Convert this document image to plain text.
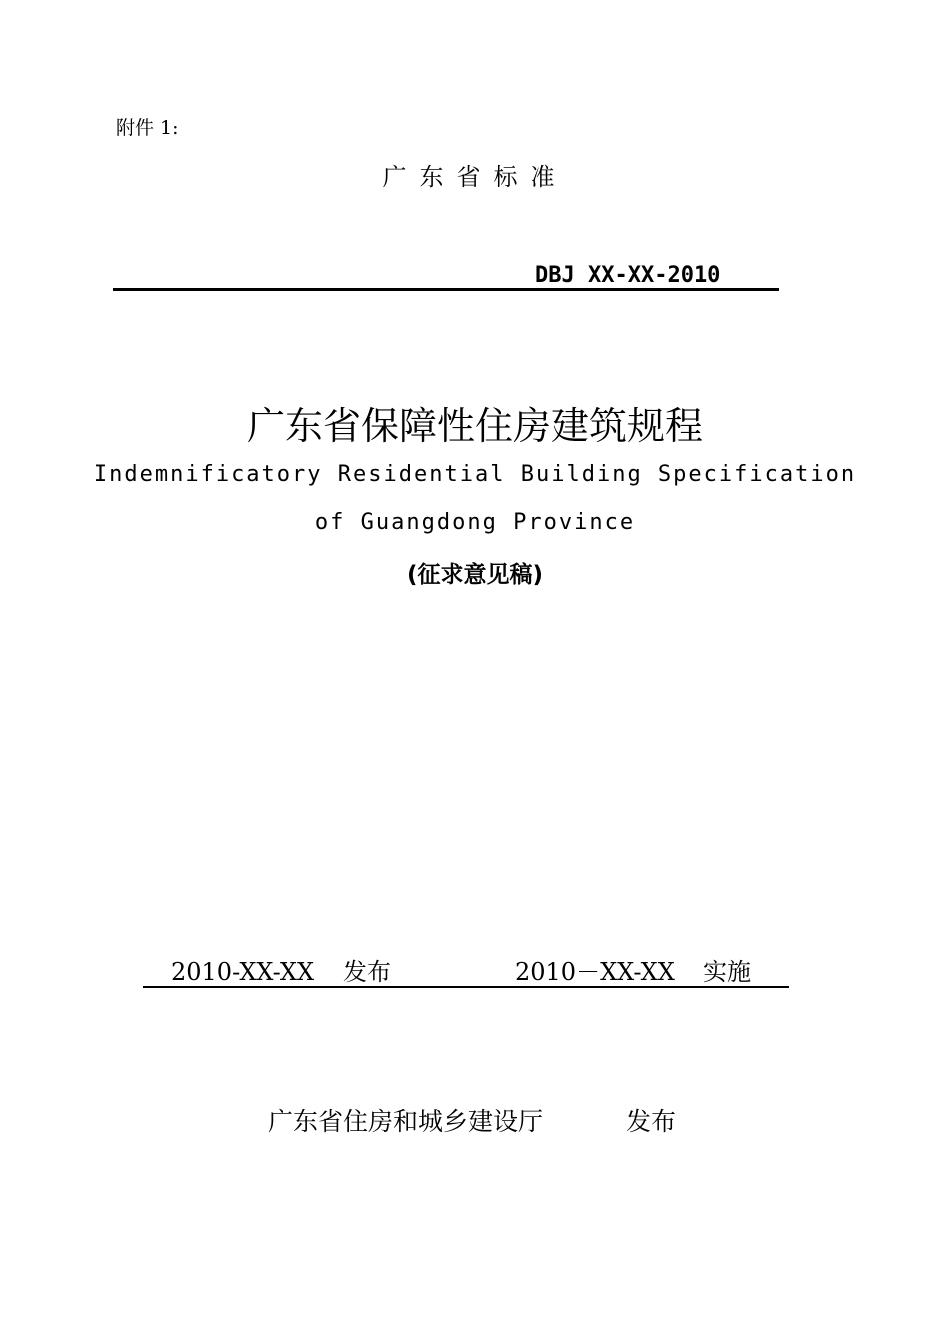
附件 1:
广东省标准
DBJ XX-XX-2010
广东省保障性住房建筑规程
Indemnificatory Residential Building Specification
of Guangdong Province
(征求意见稿)
2010-XX-XX 发布	2010－XX-XX 实施
广东省住房和城乡建设厅	发布
